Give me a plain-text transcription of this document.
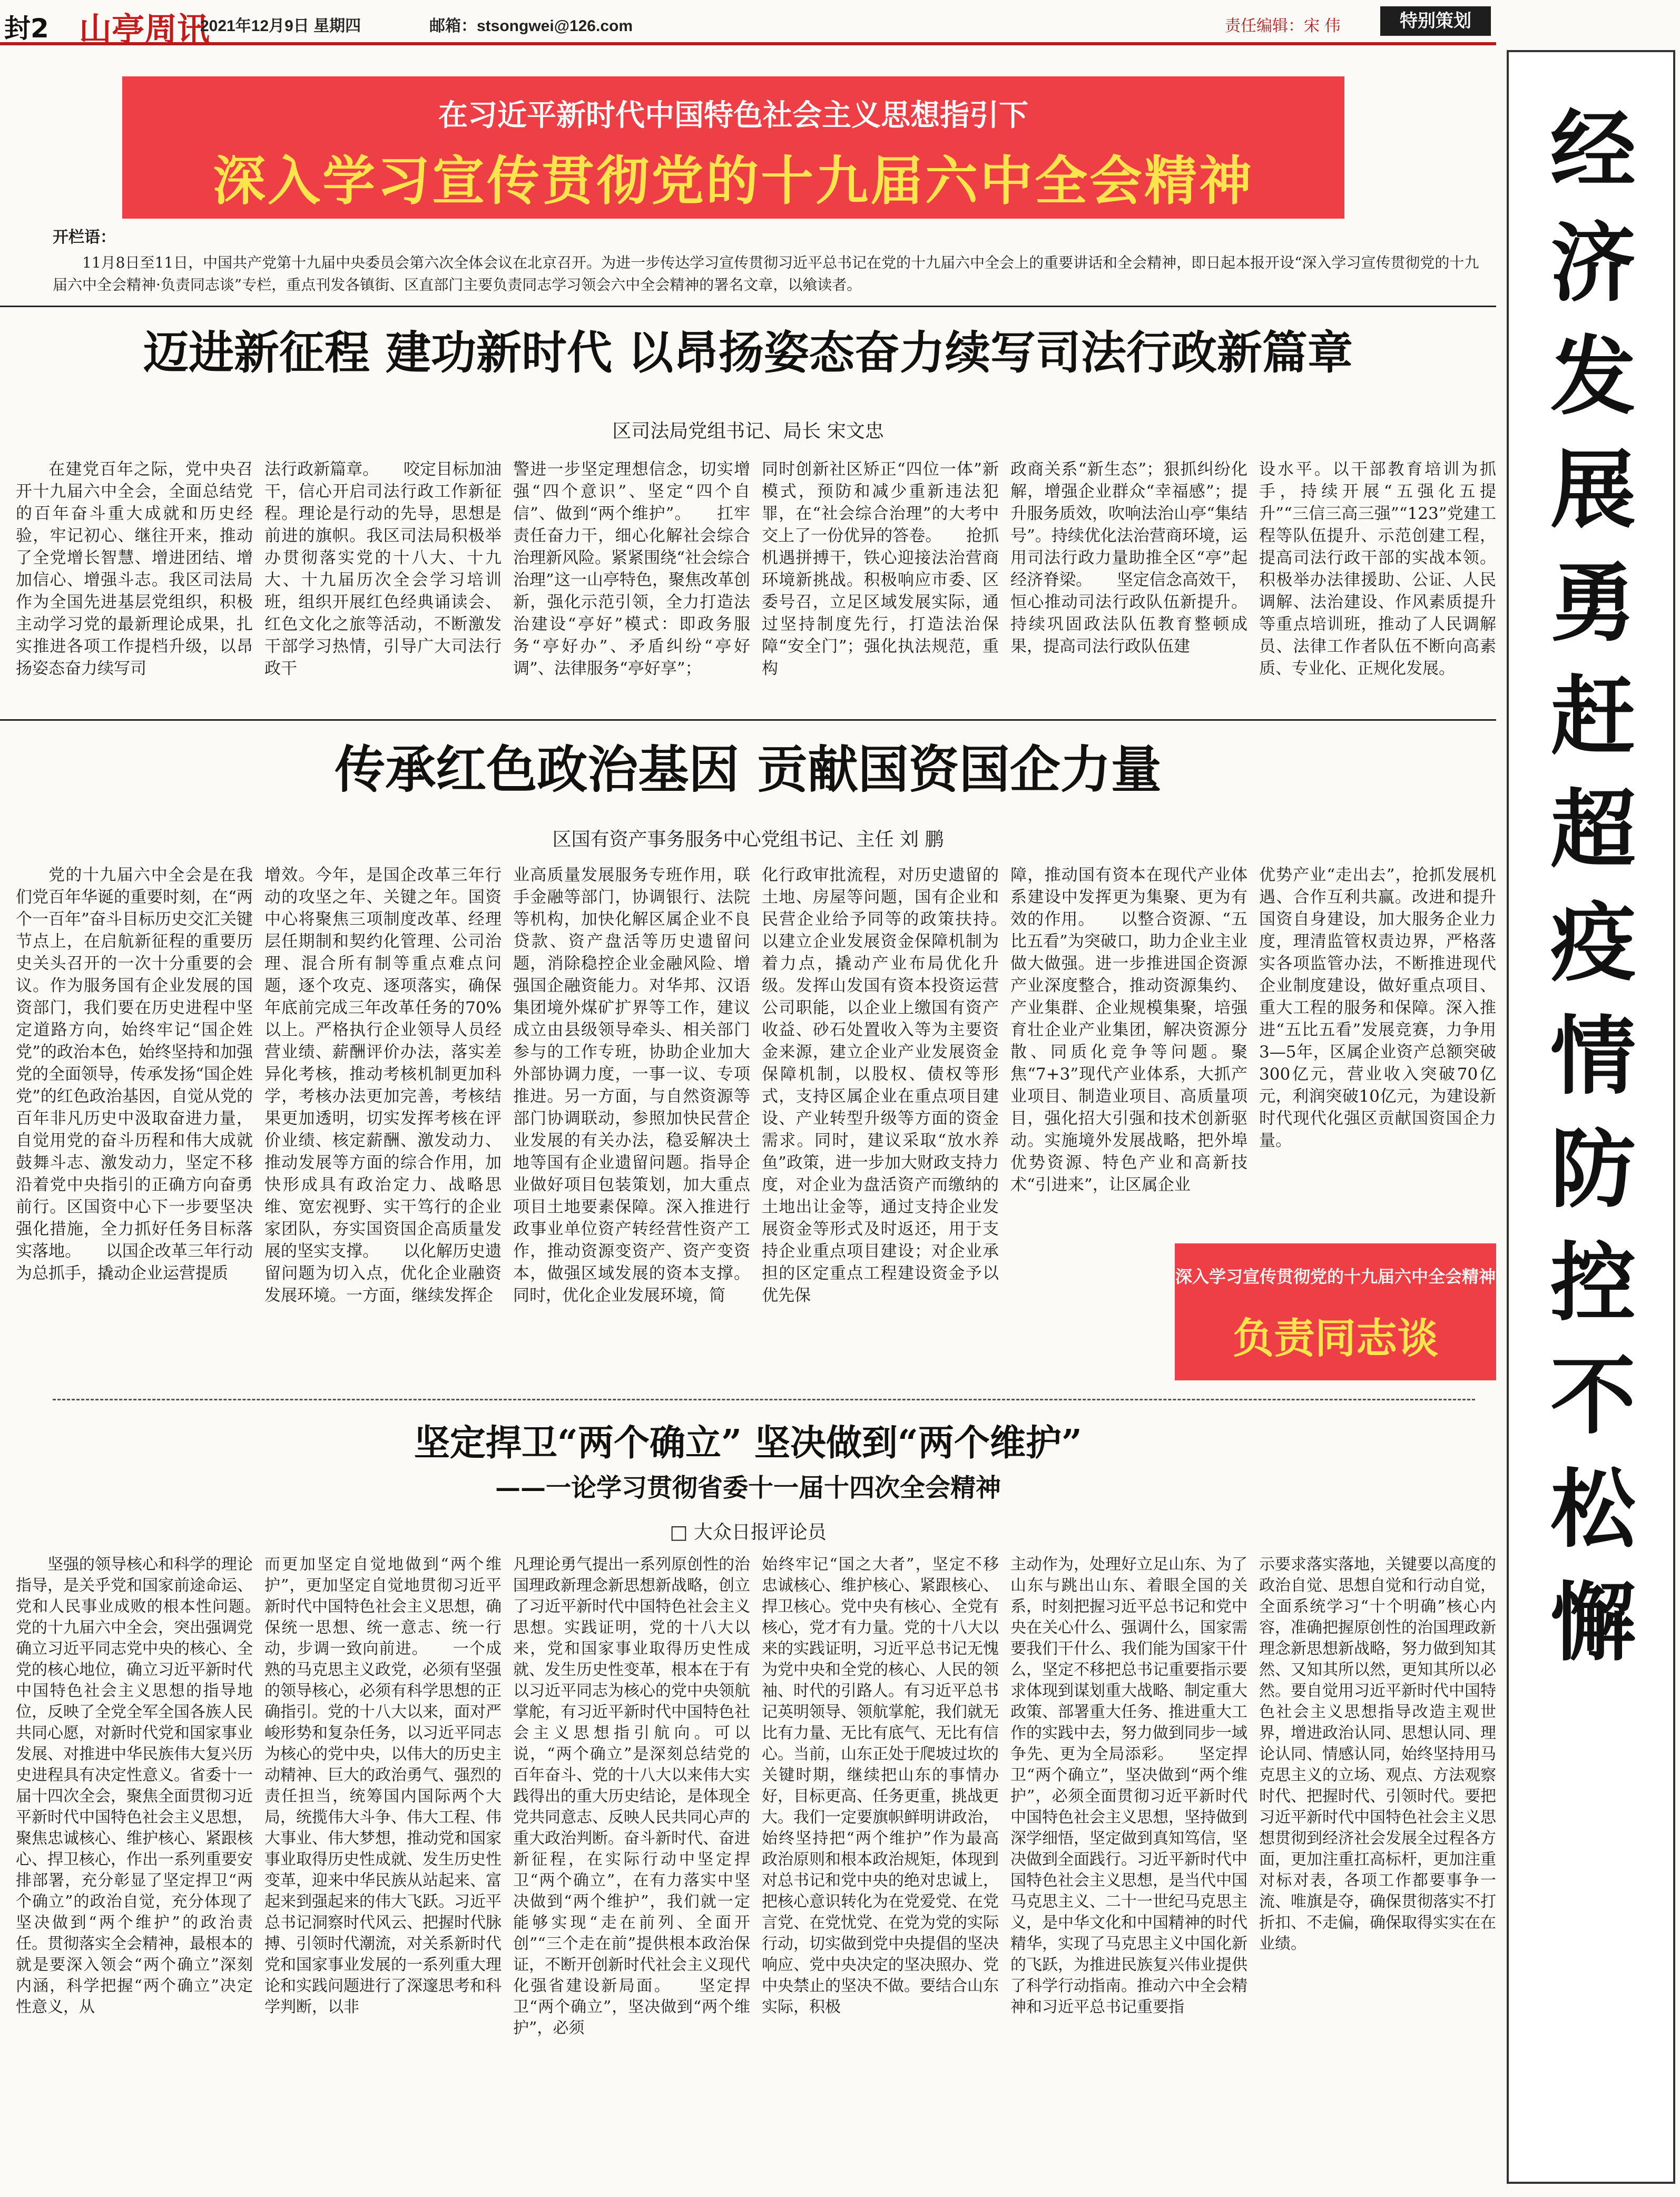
封2 山亭周讯
2021年12月9日 星期四	邮箱：stsongwei@126.com	责任编辑：宋 伟	特别策划
经济发展勇赶超疫情防控不松懈
在习近平新时代中国特色社会主义思想指引下
深入学习宣传贯彻党的十九届六中全会精神
开栏语：
11月8日至11日，中国共产党第十九届中央委员会第六次全体会议在北京召开。为进一步传达学习宣传贯彻习近平总书记在党的十九届六中全会上的重要讲话和全会精神，即日起本报开设“深入学习宣传贯彻党的十九届六中全会精神·负责同志谈”专栏，重点刊发各镇街、区直部门主要负责同志学习领会六中全会精神的署名文章，以飨读者。
迈进新征程 建功新时代 以昂扬姿态奋力续写司法行政新篇章
区司法局党组书记、局长 宋文忠
在建党百年之际，党中央召开十九届六中全会，全面总结党的百年奋斗重大成就和历史经验，牢记初心、继往开来，推动了全党增长智慧、增进团结、增加信心、增强斗志。我区司法局作为全国先进基层党组织，积极主动学习党的最新理论成果，扎实推进各项工作提档升级，以昂扬姿态奋力续写司
法行政新篇章。　　咬定目标加油干，信心开启司法行政工作新征程。理论是行动的先导，思想是前进的旗帜。我区司法局积极举办贯彻落实党的十八大、十九大、十九届历次全会学习培训班，组织开展红色经典诵读会、红色文化之旅等活动，不断激发干部学习热情，引导广大司法行政干
警进一步坚定理想信念，切实增强“四个意识”、坚定“四个自信”、做到“两个维护”。　　扛牢责任奋力干，细心化解社会综合治理新风险。紧紧围绕“社会综合治理”这一山亭特色，聚焦改革创新，强化示范引领，全力打造法治建设“亭好”模式：即政务服务“亭好办”、矛盾纠纷“亭好调”、法律服务“亭好享”；
同时创新社区矫正“四位一体”新模式，预防和减少重新违法犯罪，在“社会综合治理”的大考中交上了一份优异的答卷。　　抢抓机遇拼搏干，铁心迎接法治营商环境新挑战。积极响应市委、区委号召，立足区域发展实际，通过坚持制度先行，打造法治保障“安全门”；强化执法规范，重构
政商关系“新生态”；狠抓纠纷化解，增强企业群众“幸福感”；提升服务质效，吹响法治山亭“集结号”。持续优化法治营商环境，运用司法行政力量助推全区“亭”起经济脊梁。　　坚定信念高效干，恒心推动司法行政队伍新提升。持续巩固政法队伍教育整顿成果，提高司法行政队伍建
设水平。以干部教育培训为抓手，持续开展“五强化五提升”“三信三高三强”“123”党建工程等队伍提升、示范创建工程，提高司法行政干部的实战本领。积极举办法律援助、公证、人民调解、法治建设、作风素质提升等重点培训班，推动了人民调解员、法律工作者队伍不断向高素质、专业化、正规化发展。
传承红色政治基因 贡献国资国企力量
区国有资产事务服务中心党组书记、主任 刘 鹏
党的十九届六中全会是在我们党百年华诞的重要时刻，在“两个一百年”奋斗目标历史交汇关键节点上，在启航新征程的重要历史关头召开的一次十分重要的会议。作为服务国有企业发展的国资部门，我们要在历史进程中坚定道路方向，始终牢记“国企姓党”的政治本色，始终坚持和加强党的全面领导，传承发扬“国企姓党”的红色政治基因，自觉从党的百年非凡历史中汲取奋进力量，自觉用党的奋斗历程和伟大成就鼓舞斗志、激发动力，坚定不移沿着党中央指引的正确方向奋勇前行。区国资中心下一步要坚决强化措施，全力抓好任务目标落实落地。　　以国企改革三年行动为总抓手，撬动企业运营提质
增效。今年，是国企改革三年行动的攻坚之年、关键之年。国资中心将聚焦三项制度改革、经理层任期制和契约化管理、公司治理、混合所有制等重点难点问题，逐个攻克、逐项落实，确保年底前完成三年改革任务的70%以上。严格执行企业领导人员经营业绩、薪酬评价办法，落实差异化考核，推动考核机制更加科学，考核办法更加完善，考核结果更加透明，切实发挥考核在评价业绩、核定薪酬、激发动力、推动发展等方面的综合作用，加快形成具有政治定力、战略思维、宽宏视野、实干笃行的企业家团队，夯实国资国企高质量发展的坚实支撑。　　以化解历史遗留问题为切入点，优化企业融资发展环境。一方面，继续发挥企
业高质量发展服务专班作用，联手金融等部门，协调银行、法院等机构，加快化解区属企业不良贷款、资产盘活等历史遗留问题，消除稳控企业金融风险、增强国企融资能力。对华邦、汉语集团境外煤矿扩界等工作，建议成立由县级领导牵头、相关部门参与的工作专班，协助企业加大外部协调力度，一事一议、专项推进。另一方面，与自然资源等部门协调联动，参照加快民营企业发展的有关办法，稳妥解决土地等国有企业遗留问题。指导企业做好项目包装策划，加大重点项目土地要素保障。深入推进行政事业单位资产转经营性资产工作，推动资源变资产、资产变资本，做强区域发展的资本支撑。同时，优化企业发展环境，简
化行政审批流程，对历史遗留的土地、房屋等问题，国有企业和民营企业给予同等的政策扶持。　　以建立企业发展资金保障机制为着力点，撬动产业布局优化升级。发挥山发国有资本投资运营公司职能，以企业上缴国有资产收益、砂石处置收入等为主要资金来源，建立企业产业发展资金保障机制，以股权、债权等形式，支持区属企业在重点项目建设、产业转型升级等方面的资金需求。同时，建议采取“放水养鱼”政策，进一步加大财政支持力度，对企业为盘活资产而缴纳的土地出让金等，通过支持企业发展资金等形式及时返还，用于支持企业重点项目建设；对企业承担的区定重点工程建设资金予以优先保
障，推动国有资本在现代产业体系建设中发挥更为集聚、更为有效的作用。　　以整合资源、“五比五看”为突破口，助力企业主业做大做强。进一步推进国企资源产业深度整合，推动资源集约、产业集群、企业规模集聚，培强育壮企业产业集团，解决资源分散、同质化竞争等问题。聚焦“7+3”现代产业体系，大抓产业项目、制造业项目、高质量项目，强化招大引强和技术创新驱动。实施境外发展战略，把外埠优势资源、特色产业和高新技术“引进来”，让区属企业
优势产业“走出去”，抢抓发展机遇、合作互利共赢。改进和提升国资自身建设，加大服务企业力度，理清监管权责边界，严格落实各项监管办法，不断推进现代企业制度建设，做好重点项目、重大工程的服务和保障。深入推进“五比五看”发展竞赛，力争用3—5年，区属企业资产总额突破300亿元，营业收入突破70亿元，利润突破10亿元，为建设新时代现代化强区贡献国资国企力量。
深入学习宣传贯彻党的十九届六中全会精神
负责同志谈
坚定捍卫“两个确立” 坚决做到“两个维护”
——一论学习贯彻省委十一届十四次全会精神
□ 大众日报评论员
坚强的领导核心和科学的理论指导，是关乎党和国家前途命运、党和人民事业成败的根本性问题。　　党的十九届六中全会，突出强调党确立习近平同志党中央的核心、全党的核心地位，确立习近平新时代中国特色社会主义思想的指导地位，反映了全党全军全国各族人民共同心愿，对新时代党和国家事业发展、对推进中华民族伟大复兴历史进程具有决定性意义。省委十一届十四次全会，聚焦全面贯彻习近平新时代中国特色社会主义思想，聚焦忠诚核心、维护核心、紧跟核心、捍卫核心，作出一系列重要安排部署，充分彰显了坚定捍卫“两个确立”的政治自觉，充分体现了坚决做到“两个维护”的政治责任。贯彻落实全会精神，最根本的就是要深入领会“两个确立”深刻内涵，科学把握“两个确立”决定性意义，从
而更加坚定自觉地做到“两个维护”，更加坚定自觉地贯彻习近平新时代中国特色社会主义思想，确保统一思想、统一意志、统一行动，步调一致向前进。　　一个成熟的马克思主义政党，必须有坚强的领导核心，必须有科学思想的正确指引。党的十八大以来，面对严峻形势和复杂任务，以习近平同志为核心的党中央，以伟大的历史主动精神、巨大的政治勇气、强烈的责任担当，统筹国内国际两个大局，统揽伟大斗争、伟大工程、伟大事业、伟大梦想，推动党和国家事业取得历史性成就、发生历史性变革，迎来中华民族从站起来、富起来到强起来的伟大飞跃。习近平总书记洞察时代风云、把握时代脉搏、引领时代潮流，对关系新时代党和国家事业发展的一系列重大理论和实践问题进行了深邃思考和科学判断，以非
凡理论勇气提出一系列原创性的治国理政新理念新思想新战略，创立了习近平新时代中国特色社会主义思想。实践证明，党的十八大以来，党和国家事业取得历史性成就、发生历史性变革，根本在于有以习近平同志为核心的党中央领航掌舵，有习近平新时代中国特色社会主义思想指引航向。可以说，“两个确立”是深刻总结党的百年奋斗、党的十八大以来伟大实践得出的重大历史结论，是体现全党共同意志、反映人民共同心声的重大政治判断。奋斗新时代、奋进新征程，在实际行动中坚定捍卫“两个确立”，在有力落实中坚决做到“两个维护”，我们就一定能够实现“走在前列、全面开创”“三个走在前”提供根本政治保证，不断开创新时代社会主义现代化强省建设新局面。　　坚定捍卫“两个确立”，坚决做到“两个维护”，必须
始终牢记“国之大者”，坚定不移忠诚核心、维护核心、紧跟核心、捍卫核心。党中央有核心、全党有核心，党才有力量。党的十八大以来的实践证明，习近平总书记无愧为党中央和全党的核心、人民的领袖、时代的引路人。有习近平总书记英明领导、领航掌舵，我们就无比有力量、无比有底气、无比有信心。当前，山东正处于爬坡过坎的关键时期，继续把山东的事情办好，目标更高、任务更重，挑战更大。我们一定要旗帜鲜明讲政治，始终坚持把“两个维护”作为最高政治原则和根本政治规矩，体现到对总书记和党中央的绝对忠诚上，把核心意识转化为在党爱党、在党言党、在党忧党、在党为党的实际行动，切实做到党中央提倡的坚决响应、党中央决定的坚决照办、党中央禁止的坚决不做。要结合山东实际，积极
主动作为，处理好立足山东、为了山东与跳出山东、着眼全国的关系，时刻把握习近平总书记和党中央在关心什么、强调什么，国家需要我们干什么、我们能为国家干什么，坚定不移把总书记重要指示要求体现到谋划重大战略、制定重大政策、部署重大任务、推进重大工作的实践中去，努力做到同步一域争先、更为全局添彩。　　坚定捍卫“两个确立”，坚决做到“两个维护”，必须全面贯彻习近平新时代中国特色社会主义思想，坚持做到深学细悟，坚定做到真知笃信，坚决做到全面践行。习近平新时代中国特色社会主义思想，是当代中国马克思主义、二十一世纪马克思主义，是中华文化和中国精神的时代精华，实现了马克思主义中国化新的飞跃，为推进民族复兴伟业提供了科学行动指南。推动六中全会精神和习近平总书记重要指
示要求落实落地，关键要以高度的政治自觉、思想自觉和行动自觉，全面系统学习“十个明确”核心内容，准确把握原创性的治国理政新理念新思想新战略，努力做到知其然、又知其所以然，更知其所以必然。要自觉用习近平新时代中国特色社会主义思想指导改造主观世界，增进政治认同、思想认同、理论认同、情感认同，始终坚持用马克思主义的立场、观点、方法观察时代、把握时代、引领时代。要把习近平新时代中国特色社会主义思想贯彻到经济社会发展全过程各方面，更加注重扛高标杆，更加注重对标对表，各项工作都要事争一流、唯旗是夺，确保贯彻落实不打折扣、不走偏，确保取得实实在在业绩。
